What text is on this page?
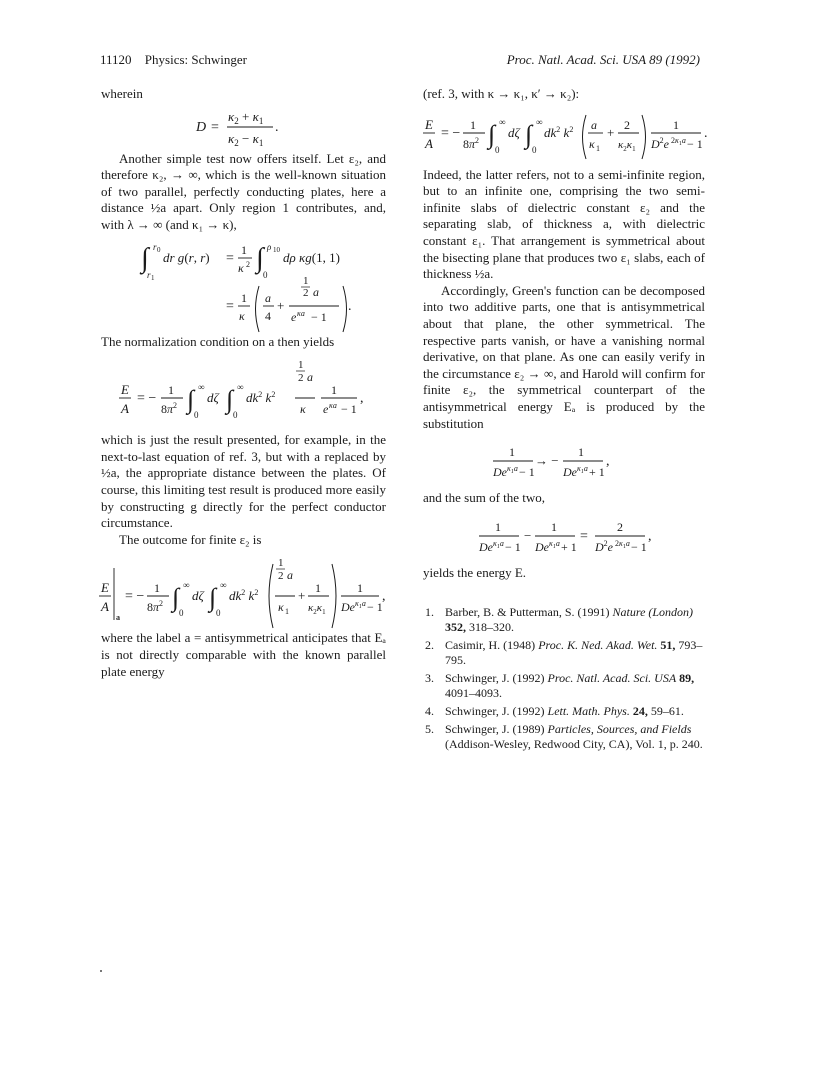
11120 Physics: Schwinger	Proc. Natl. Acad. Sci. USA 89 (1992)

wherein

D =
$\kappa_2 + \kappa_1$
$\kappa_2 - \kappa_1$
.

Another simple test now offers itself. Let ε₂, and therefore κ₂, → ∞, which is the well-known situation of two parallel, perfectly conducting plates, here a distance ½a apart. Only region 1 contributes, and, with λ → ∞ (and κ₁ → κ),

∫ r 0
r 1
dr g(r, r) =
1
κ 2 ∫ ρ 10
0
dρ κg(1, 1)
=
1
κ
a
4
+
1
2 a
e κa − 1
.

The normalization condition on a then yields

E
A
= −
1
$8\pi^2$ ∫ ∞
0
dζ ∫ ∞
0
$dk^2$ $k^2$
1
2 a
κ
1
e κa − 1
,

which is just the result presented, for example, in the next-to-last equation of ref. 3, but with a replaced by ½a, the appropriate distance between the plates. Of course, this limiting test result is produced more easily by constructing g directly for the perfect conductor circumstance.

The outcome for finite ε₂ is

E
A
a
= −
1
$8\pi^2$ ∫ ∞
0
dζ ∫ ∞
0
$dk^2$ $k^2$
1
2 a
κ 1
+ 1
$\kappa_2\kappa_1$
1
De $\kappa_1a - 1$
,

where the label a = antisymmetrical anticipates that Eₐ is not directly comparable with the known parallel plate energy

(ref. 3, with κ → κ₁, κ′ → κ₂):

E
A
= −
1
$8\pi^2$ ∫ ∞
0
dζ ∫ ∞
0
$dk^2$ $k^2$ a
κ 1
+ 2
$\kappa_2\kappa_1$
1
$D^2e$ $2\kappa_1a - 1$
.

Indeed, the latter refers, not to a semi-infinite region, but to an infinite one, comprising the two semi-infinite slabs of dielectric constant ε₂ and the separating slab, of thickness a, with dielectric constant ε₁. That arrangement is symmetrical about the bisecting plane that produces two ε₁ slabs, each of thickness ½a.

Accordingly, Green's function can be decomposed into two additive parts, one that is antisymmetrical about that plane, the other symmetrical. The respective parts vanish, or have a vanishing normal derivative, on that plane. As one can easily verify in the circumstance ε₂ → ∞, and Harold will confirm for finite ε₂, the symmetrical counterpart of the antisymmetrical energy Eₐ is produced by the substitution

1
De $\kappa_1a - 1$
→ −
1
De $\kappa_1a + 1$
,

and the sum of the two,

1
De $\kappa_1a - 1$
−
1
De $\kappa_1a + 1$
=
2
$D^2e$ $2\kappa_1a - 1$
,

yields the energy E.

1. Barber, B. & Putterman, S. (1991) Nature (London) 352, 318–320.
2. Casimir, H. (1948) Proc. K. Ned. Akad. Wet. 51, 793–795.
3. Schwinger, J. (1992) Proc. Natl. Acad. Sci. USA 89, 4091–4093.
4. Schwinger, J. (1992) Lett. Math. Phys. 24, 59–61.
5. Schwinger, J. (1989) Particles, Sources, and Fields (Addison-Wesley, Redwood City, CA), Vol. 1, p. 240.
